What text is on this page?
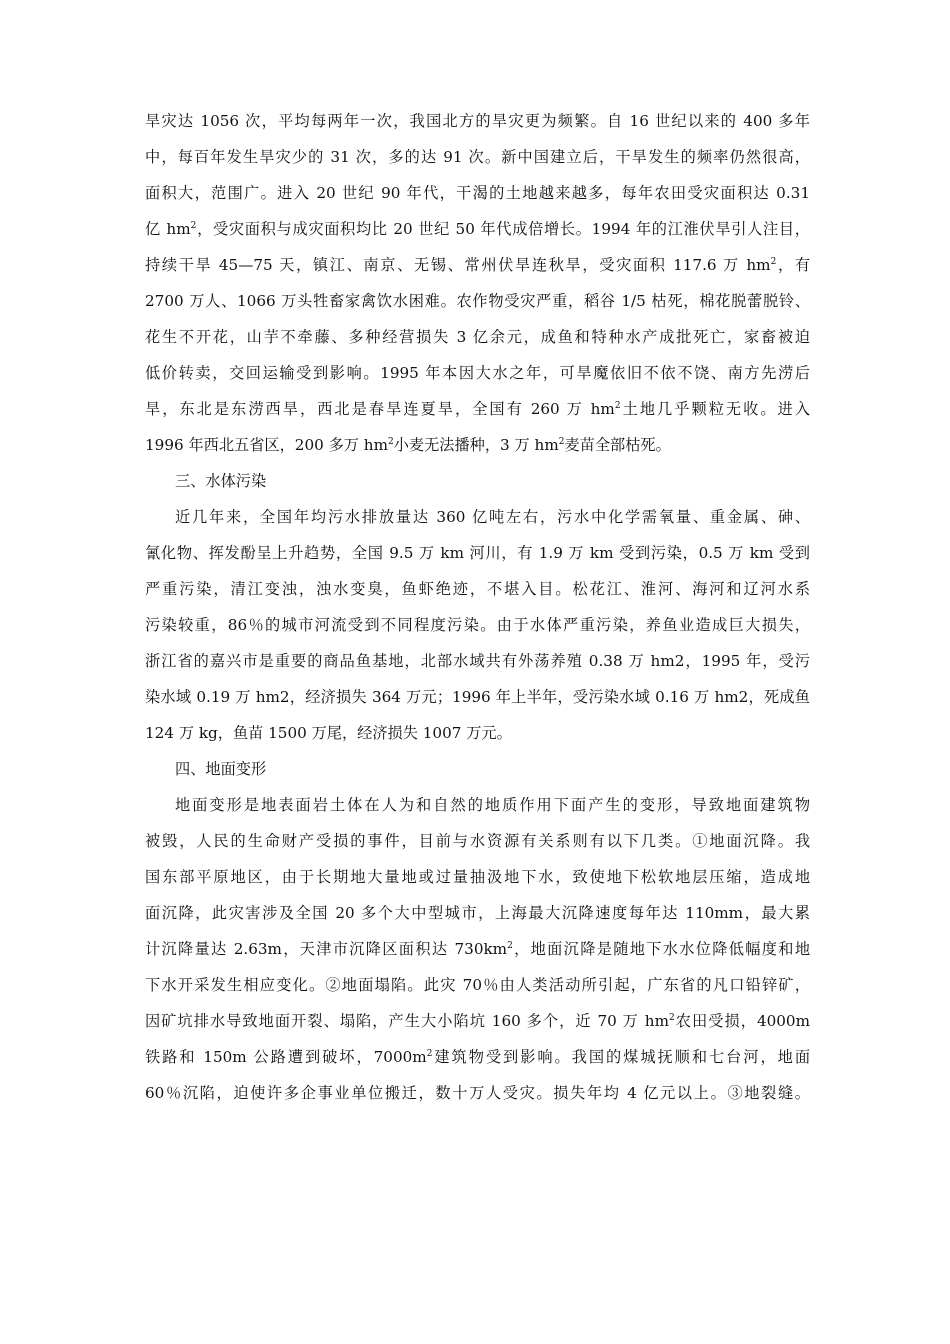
旱灾达 1056 次，平均每两年一次，我国北方的旱灾更为频繁。自 16 世纪以来的 400 多年
中，每百年发生旱灾少的 31 次，多的达 91 次。新中国建立后，干旱发生的频率仍然很高，
面积大，范围广。进入 20 世纪 90 年代，干渴的土地越来越多，每年农田受灾面积达 0.31
亿 $hm^2$，受灾面积与成灾面积均比 20 世纪 50 年代成倍增长。1994 年的江淮伏旱引人注目，
持续干旱 45—75 天，镇江、南京、无锡、常州伏旱连秋旱，受灾面积 117.6 万 $hm^2$，有
2700 万人、1066 万头牲畜家禽饮水困难。农作物受灾严重，稻谷 1/5 枯死，棉花脱蕾脱铃、
花生不开花，山芋不牵藤、多种经营损失 3 亿余元，成鱼和特种水产成批死亡，家畜被迫
低价转卖，交回运输受到影响。1995 年本因大水之年，可旱魔依旧不依不饶、南方先涝后
旱，东北是东涝西旱，西北是春旱连夏旱，全国有 260 万 $hm^2$土地几乎颗粒无收。进入
1996 年西北五省区，200 多万 $hm^2$小麦无法播种，3 万 $hm^2$麦苗全部枯死。
三、水体污染
近几年来，全国年均污水排放量达 360 亿吨左右，污水中化学需氧量、重金属、砷、
氰化物、挥发酚呈上升趋势，全国 9.5 万 km 河川，有 1.9 万 km 受到污染，0.5 万 km 受到
严重污染，清江变浊，浊水变臭，鱼虾绝迹，不堪入目。松花江、淮河、海河和辽河水系
污染较重，86％的城市河流受到不同程度污染。由于水体严重污染，养鱼业造成巨大损失，
浙江省的嘉兴市是重要的商品鱼基地，北部水域共有外荡养殖 0.38 万 hm2，1995 年，受污
染水域 0.19 万 hm2，经济损失 364 万元；1996 年上半年，受污染水域 0.16 万 hm2，死成鱼
124 万 kg，鱼苗 1500 万尾，经济损失 1007 万元。
四、地面变形
地面变形是地表面岩土体在人为和自然的地质作用下面产生的变形，导致地面建筑物
被毁，人民的生命财产受损的事件，目前与水资源有关系则有以下几类。①地面沉降。我
国东部平原地区，由于长期地大量地或过量抽汲地下水，致使地下松软地层压缩，造成地
面沉降，此灾害涉及全国 20 多个大中型城市，上海最大沉降速度每年达 110mm，最大累
计沉降量达 2.63m，天津市沉降区面积达 $730km^2$，地面沉降是随地下水水位降低幅度和地
下水开采发生相应变化。②地面塌陷。此灾 70％由人类活动所引起，广东省的凡口铅锌矿，
因矿坑排水导致地面开裂、塌陷，产生大小陷坑 160 多个，近 70 万 $hm^2$农田受损，4000m
铁路和 150m 公路遭到破坏，$7000m^2$建筑物受到影响。我国的煤城抚顺和七台河，地面
60％沉陷，迫使许多企事业单位搬迁，数十万人受灾。损失年均 4 亿元以上。③地裂缝。
